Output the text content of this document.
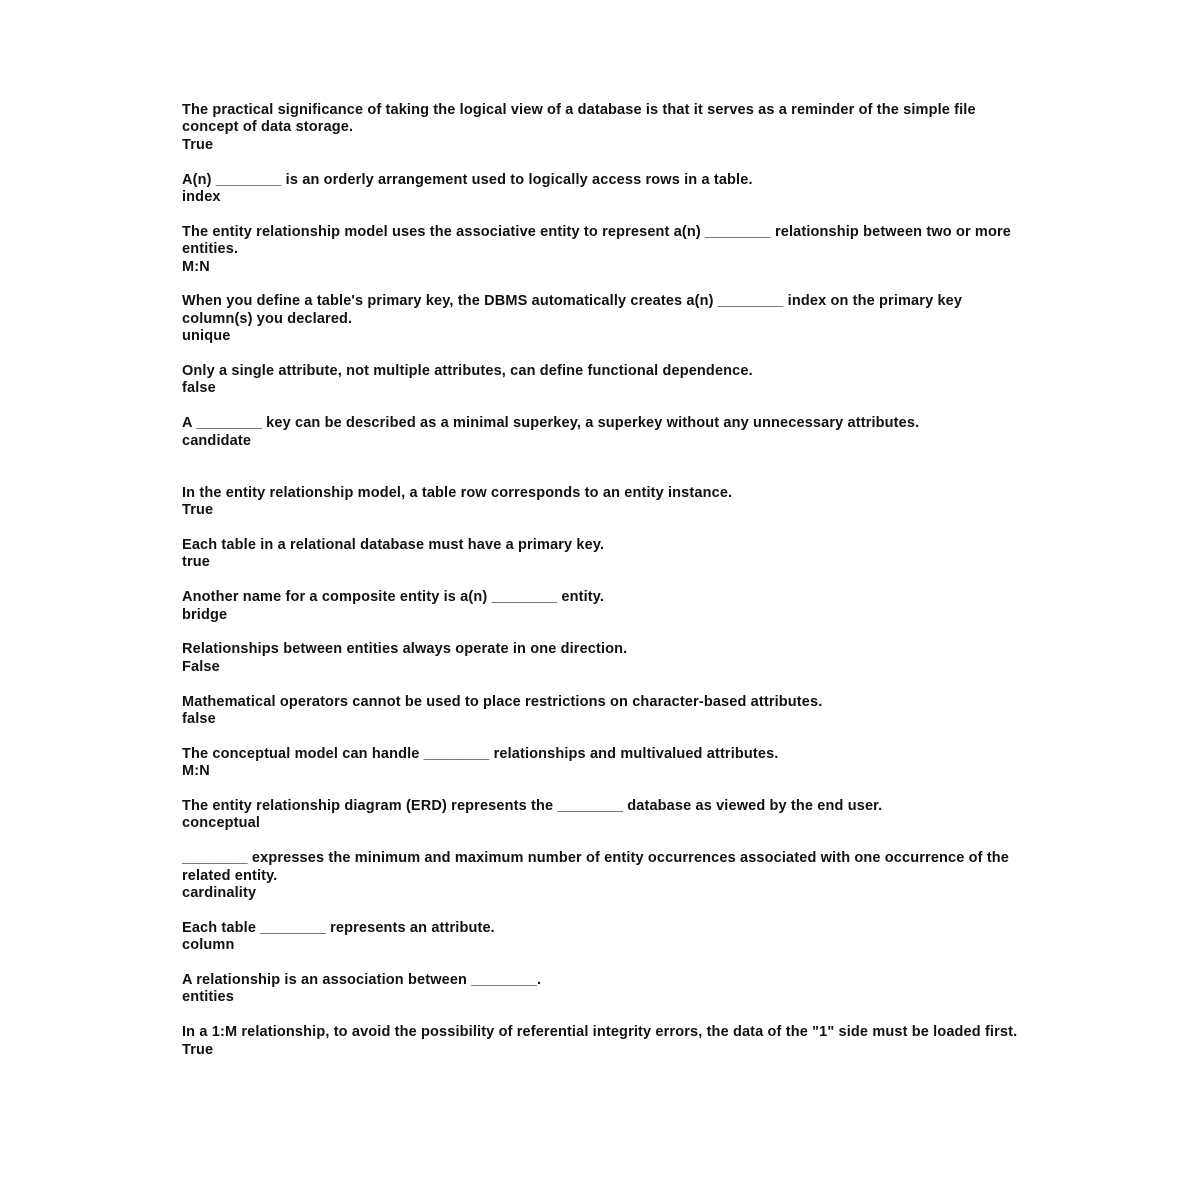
The practical significance of taking the logical view of a database is that it serves as a reminder of the simple file concept of data storage.
True
A(n) ________ is an orderly arrangement used to logically access rows in a table.
index
The entity relationship model uses the associative entity to represent a(n) ________ relationship between two or more entities.
M:N
When you define a table's primary key, the DBMS automatically creates a(n) ________ index on the primary key column(s) you declared.
unique
Only a single attribute, not multiple attributes, can define functional dependence.
false
A ________ key can be described as a minimal superkey, a superkey without any unnecessary attributes.
candidate
In the entity relationship model, a table row corresponds to an entity instance.
True
Each table in a relational database must have a primary key.
true
Another name for a composite entity is a(n) ________ entity.
bridge
Relationships between entities always operate in one direction.
False
Mathematical operators cannot be used to place restrictions on character-based attributes.
false
The conceptual model can handle ________ relationships and multivalued attributes.
M:N
The entity relationship diagram (ERD) represents the ________ database as viewed by the end user.
conceptual
________ expresses the minimum and maximum number of entity occurrences associated with one occurrence of the related entity.
cardinality
Each table ________ represents an attribute.
column
A relationship is an association between ________.
entities
In a 1:M relationship, to avoid the possibility of referential integrity errors, the data of the "1" side must be loaded first.
True
